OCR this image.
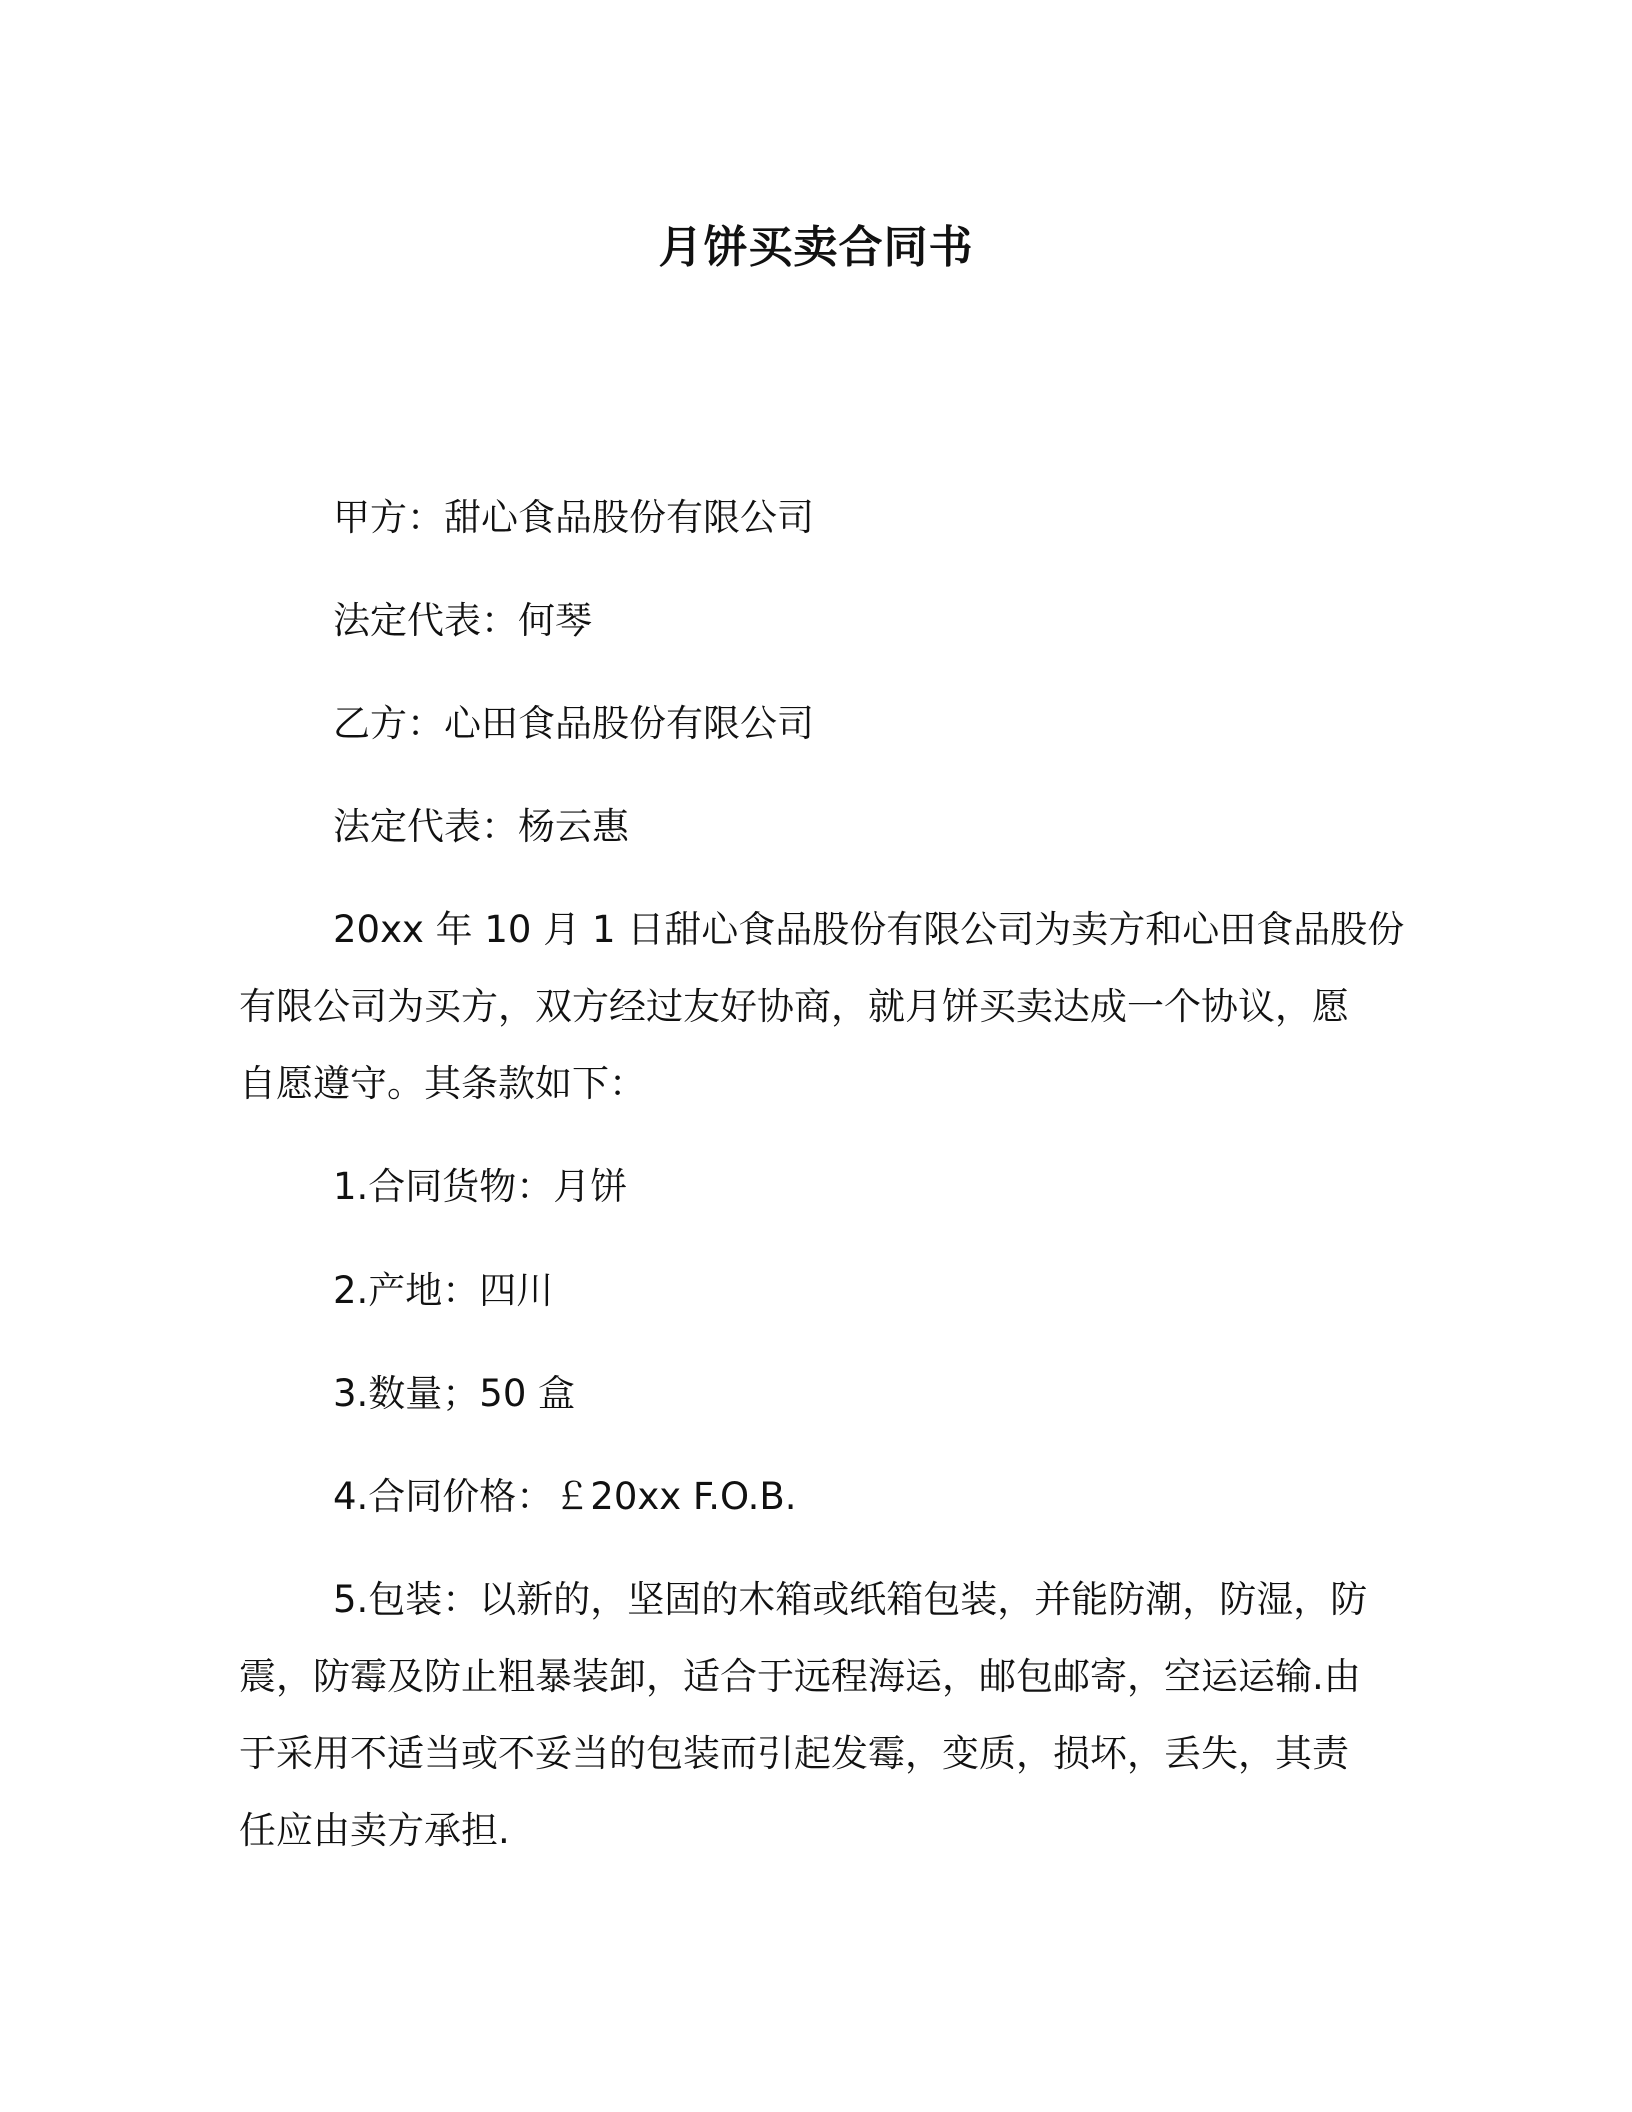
月饼买卖合同书
甲方：甜心食品股份有限公司
法定代表：何琴
乙方：心田食品股份有限公司
法定代表：杨云惠
20xx 年 10 月 1 日甜心食品股份有限公司为卖方和心田食品股份
有限公司为买方，双方经过友好协商，就月饼买卖达成一个协议，愿
自愿遵守。其条款如下：
1.合同货物：月饼
2.产地：四川
3.数量；50 盒
4.合同价格：￡20xx F.O.B.
5.包装：以新的，坚固的木箱或纸箱包装，并能防潮，防湿，防
震，防霉及防止粗暴装卸，适合于远程海运，邮包邮寄，空运运输.由
于采用不适当或不妥当的包装而引起发霉，变质，损坏，丢失，其责
任应由卖方承担.
